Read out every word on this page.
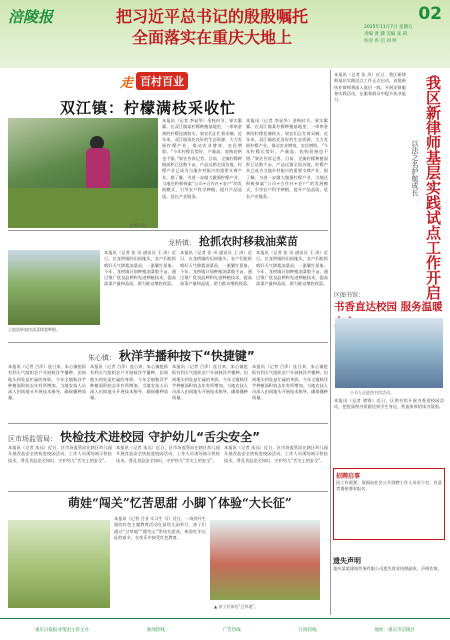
涪陵报	02
把习近平总书记的殷殷嘱托
全面落实在重庆大地上
2025年11月7日 星期五
责编 黄 骥 美编 张 莉
校对 冉 启 刘 婷
走 百村百业
双江镇：柠檬满枝采收忙
柠檬丰收。
本报讯（记者 李显华）金秋时节，果实累累。在双江镇某柠檬种植基地里，一串串金黄的柠檬挂满枝头，果农们正忙着采摘。近年来，双江镇依托良好的生态资源，大力发展柠檬产业，推动农业增效、农民增收。“今年柠檬长势好，产量高，收购价格也不错。”果农告诉记者。目前，全镇柠檬种植面积已达数千亩，产品远销全国各地，柠檬产业已成为当地乡村振兴的重要支撑产业。据了解，为进一步做大做强柠檬产业，当地还积极探索“公司+合作社+农户”的发展模式，引导农户科学种植，提升产品品质，延长产业链条。
本报讯（记者 李显华）金秋时节，果实累累。在双江镇某柠檬种植基地里，一串串金黄的柠檬挂满枝头，果农们正忙着采摘。近年来，双江镇依托良好的生态资源，大力发展柠檬产业，推动农业增效、农民增收。“今年柠檬长势好，产量高，收购价格也不错。”果农告诉记者。目前，全镇柠檬种植面积已达数千亩，产品远销全国各地，柠檬产业已成为当地乡村振兴的重要支撑产业。据了解，为进一步做大做强柠檬产业，当地还积极探索“公司+合作社+农户”的发展模式，引导农户科学种植，提升产品品质，延长产业链条。
龙桥镇： 抢抓农时移栽油菜苗
土地流转加快油菜移栽种植。
本报讯（记者 张 凤 通讯员 王 涛）近日，在龙桥镇的田间地头，农户们抢抓晴好天气移栽油菜苗，一派繁忙景象。今年，龙桥镇计划种植油菜数千亩，通过推广优良品种和先进种植技术，提高油菜产量和品质，助力群众增收致富。
本报讯（记者 张 凤 通讯员 王 涛）近日，在龙桥镇的田间地头，农户们抢抓晴好天气移栽油菜苗，一派繁忙景象。今年，龙桥镇计划种植油菜数千亩，通过推广优良品种和先进种植技术，提高油菜产量和品质，助力群众增收致富。
本报讯（记者 张 凤 通讯员 王 涛）近日，在龙桥镇的田间地头，农户们抢抓晴好天气移栽油菜苗，一派繁忙景象。今年，龙桥镇计划种植油菜数千亩，通过推广优良品种和先进种植技术，提高油菜产量和品质，助力群众增收致富。
朱心镇： 秋洋芋播种按下“快捷键”
本报讯（记者 吕萍）连日来，朱心镇抢抓有利天气组织农户开展秋洋芋播种，田间地头到处是忙碌的身影。今年全镇秋洋芋种植面积较去年有所增加，当地农技人员深入田间地头开展技术指导，确保播种质量。
本报讯（记者 吕萍）连日来，朱心镇抢抓有利天气组织农户开展秋洋芋播种，田间地头到处是忙碌的身影。今年全镇秋洋芋种植面积较去年有所增加，当地农技人员深入田间地头开展技术指导，确保播种质量。
本报讯（记者 吕萍）连日来，朱心镇抢抓有利天气组织农户开展秋洋芋播种，田间地头到处是忙碌的身影。今年全镇秋洋芋种植面积较去年有所增加，当地农技人员深入田间地头开展技术指导，确保播种质量。
本报讯（记者 吕萍）连日来，朱心镇抢抓有利天气组织农户开展秋洋芋播种，田间地头到处是忙碌的身影。今年全镇秋洋芋种植面积较去年有所增加，当地农技人员深入田间地头开展技术指导，确保播种质量。
区市场监管局： 快检技术进校园 守护幼儿“舌尖安全”
本报讯（记者 朱远）近日，区市场监管局在辖区幼儿园开展食品安全快检进校园活动，工作人员现场演示快检技术，普及食品安全知识，守护幼儿“舌尖上的安全”。
本报讯（记者 朱远）近日，区市场监管局在辖区幼儿园开展食品安全快检进校园活动，工作人员现场演示快检技术，普及食品安全知识，守护幼儿“舌尖上的安全”。
本报讯（记者 朱远）近日，区市场监管局在辖区幼儿园开展食品安全快检进校园活动，工作人员现场演示快检技术，普及食品安全知识，守护幼儿“舌尖上的安全”。
萌娃“闯关”忆苦思甜 小脚丫体验“大长征”
本报讯（记者 吕亚 实习生 马）近日，一场别开生面的红色主题教育活动在某幼儿园举行，孩子们通过“过草地”“爬雪山”等闯关游戏，体验红军长征的艰辛，在快乐中接受红色教育。
▲ 孩子们体验“过草地”。
本报讯（记者 张 凤）近日，我区新律师基层实践试点工作正式启动，首批新执业律师将深入基层一线，开展法律服务实践活动，在服务群众中提升执业能力。	我区新律师基层实践试点工作开启
以法之名护航成长
区图书馆：
书香直达校园 服务温暖
小书人走进图书馆活动。
本报讯（记者 谭锋）近日，区图书馆开展书香进校园活动，把优质图书资源送到学生身边，营造浓厚的读书氛围。
招聘启事
因工作需要，现面向社会公开招聘工作人员若干名，有意者请按要求报名。
遗失声明
重庆某某建筑劳务有限公司遗失营业执照副本，声明作废。
重庆日报报业集团主管主办	新闻热线	广告热线	订阅热线	地址：重庆市涪陵区
